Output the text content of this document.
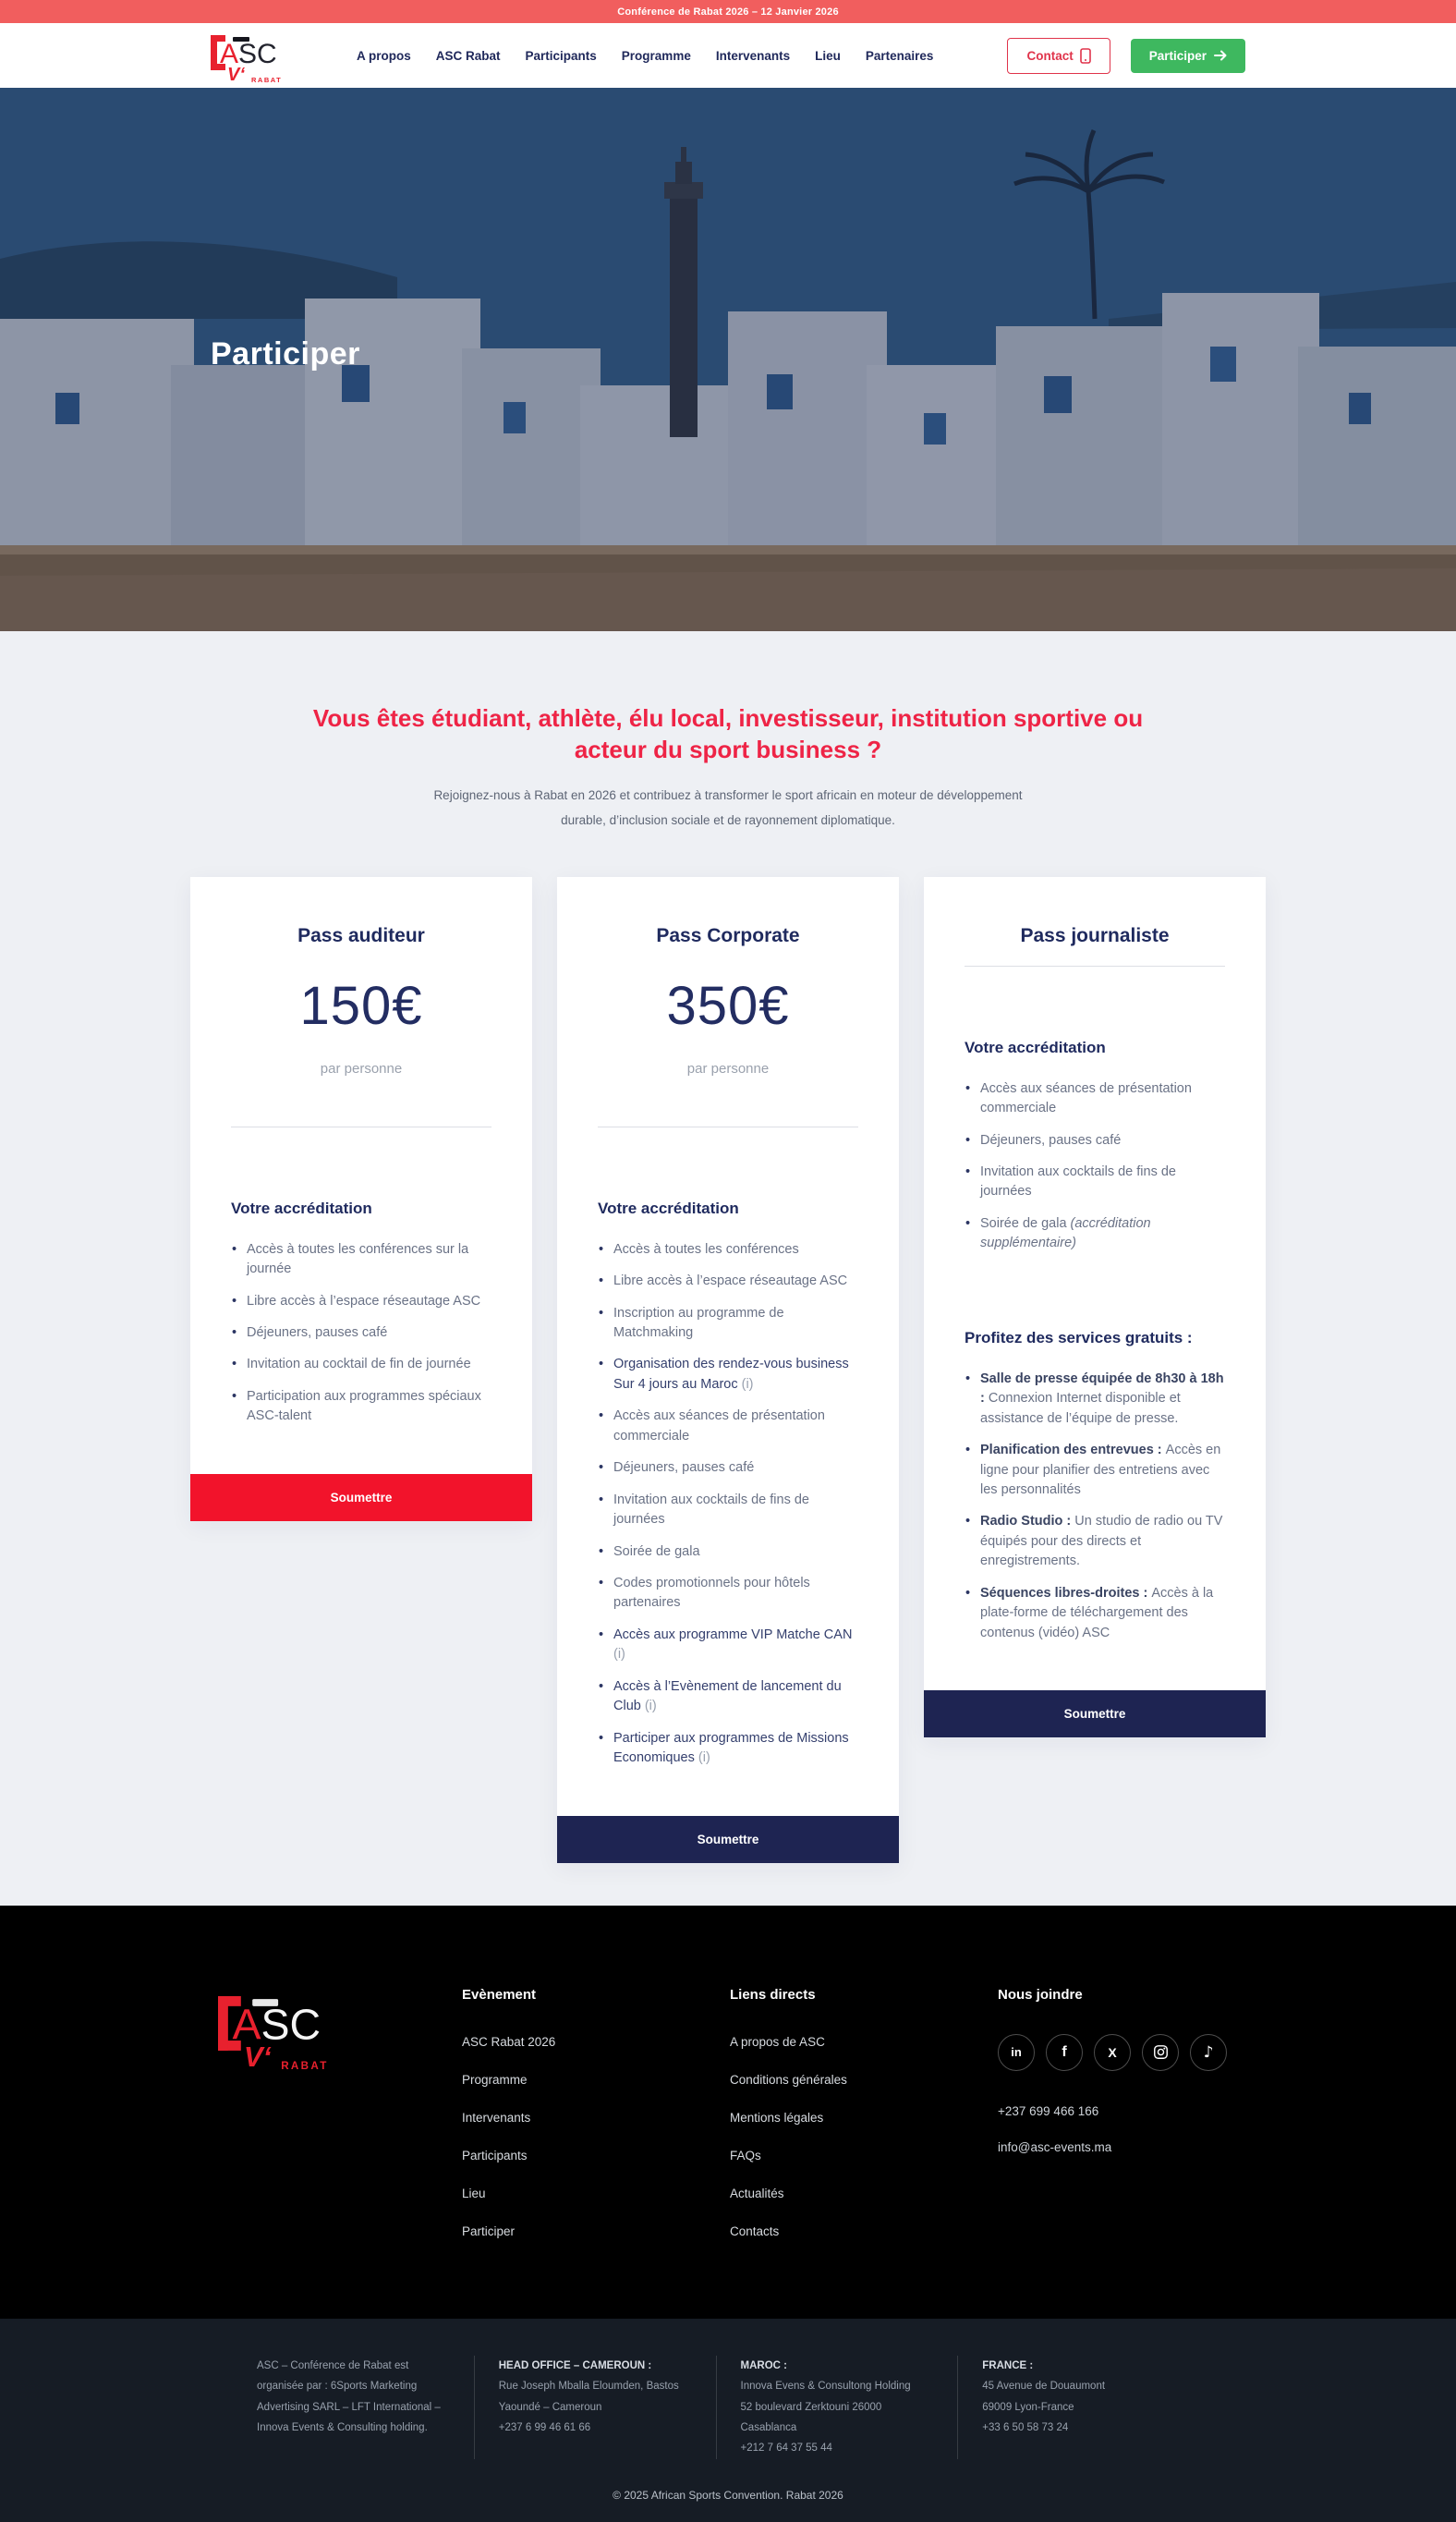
Conférence de Rabat 2026 – 12 Janvier 2026
ASC
V‘ RABAT
A propos ASC Rabat Participants Programme Intervenants Lieu Partenaires	Contact	Participer
Participer
Vous êtes étudiant, athlète, élu local, investisseur, institution sportive ou
acteur du sport business ?

Rejoignez-nous à Rabat en 2026 et contribuez à transformer le sport africain en moteur de développement
durable, d’inclusion sociale et de rayonnement diplomatique.

Pass auditeur
150€
par personne
Votre accréditation
• Accès à toutes les conférences sur la journée
• Libre accès à l’espace réseautage ASC
• Déjeuners, pauses café
• Invitation au cocktail de fin de journée
• Participation aux programmes spéciaux ASC-talent
Soumettre
Pass Corporate
350€
par personne
Votre accréditation
• Accès à toutes les conférences
• Libre accès à l’espace réseautage ASC
• Inscription au programme de Matchmaking
• Organisation des rendez-vous business Sur 4 jours au Maroc (i)
• Accès aux séances de présentation commerciale
• Déjeuners, pauses café
• Invitation aux cocktails de fins de journées
• Soirée de gala
• Codes promotionnels pour hôtels partenaires
• Accès aux programme VIP Matche CAN (i)
• Accès à l’Evènement de lancement du Club (i)
• Participer aux programmes de Missions Economiques (i)
Soumettre
Pass journaliste
Votre accréditation
• Accès aux séances de présentation commerciale
• Déjeuners, pauses café
• Invitation aux cocktails de fins de journées
• Soirée de gala (accréditation supplémentaire)
Profitez des services gratuits :
• Salle de presse équipée de 8h30 à 18h : Connexion Internet disponible et assistance de l’équipe de presse.
• Planification des entrevues : Accès en ligne pour planifier des entretiens avec les personnalités
• Radio Studio : Un studio de radio ou TV équipés pour des directs et enregistrements.
• Séquences libres-droites : Accès à la plate-forme de téléchargement des contenus (vidéo) ASC
Soumettre
ASC
V‘ RABAT
Evènement
ASC Rabat 2026
Programme
Intervenants
Participants
Lieu
Participer
Liens directs
A propos de ASC
Conditions générales
Mentions légales
FAQs
Actualités
Contacts
Nous joindre
in	f	X	♪
+237 699 466 166
info@asc-events.ma
ASC – Conférence de Rabat est organisée par : 6Sports Marketing Advertising SARL – LFT International – Innova Events & Consulting holding.
HEAD OFFICE – CAMEROUN :
Rue Joseph Mballa Eloumden, Bastos
Yaoundé – Cameroun
+237 6 99 46 61 66
MAROC :
Innova Evens & Consultong Holding
52 boulevard Zerktouni 26000
Casablanca
+212 7 64 37 55 44
FRANCE :
45 Avenue de Douaumont
69009 Lyon-France
+33 6 50 58 73 24
© 2025 African Sports Convention. Rabat 2026
